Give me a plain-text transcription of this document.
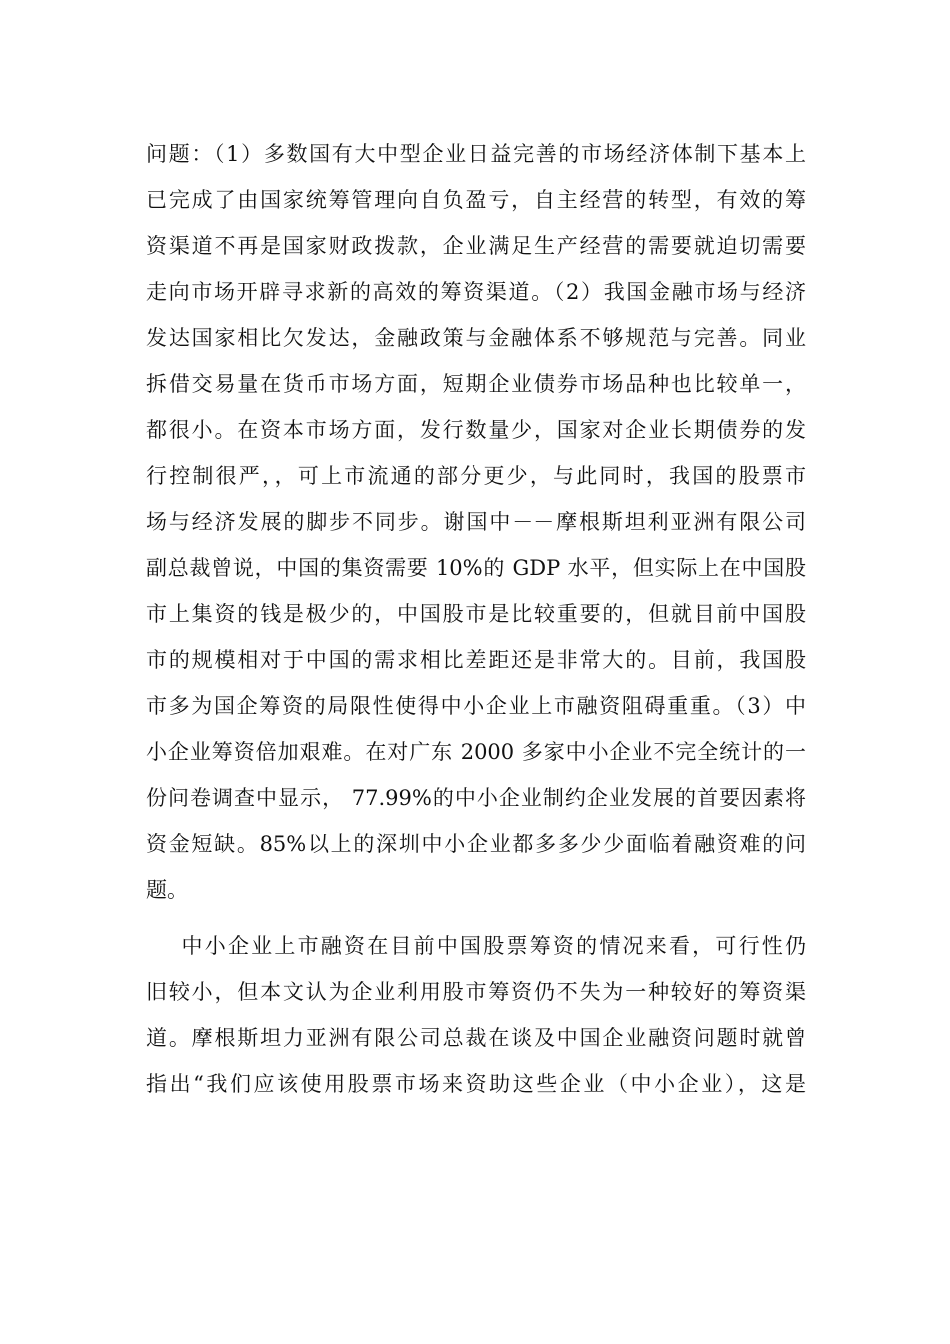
问题：（1）多数国有大中型企业日益完善的市场经济体制下基本上
已完成了由国家统筹管理向自负盈亏，自主经营的转型，有效的筹
资渠道不再是国家财政拨款，企业满足生产经营的需要就迫切需要
走向市场开辟寻求新的高效的筹资渠道。（2）我国金融市场与经济
发达国家相比欠发达，金融政策与金融体系不够规范与完善。同业
拆借交易量在货币市场方面，短期企业债券市场品种也比较单一，
都很小。在资本市场方面，发行数量少，国家对企业长期债券的发
行控制很严，，可上市流通的部分更少，与此同时，我国的股票市
场与经济发展的脚步不同步。谢国中－－摩根斯坦利亚洲有限公司
副总裁曾说，中国的集资需要 10%的 GDP 水平，但实际上在中国股
市上集资的钱是极少的，中国股市是比较重要的，但就目前中国股
市的规模相对于中国的需求相比差距还是非常大的。目前，我国股
市多为国企筹资的局限性使得中小企业上市融资阻碍重重。（3）中
小企业筹资倍加艰难。在对广东 2000 多家中小企业不完全统计的一
份问卷调查中显示， 77.99%的中小企业制约企业发展的首要因素将
资金短缺。85%以上的深圳中小企业都多多少少面临着融资难的问
题。
中小企业上市融资在目前中国股票筹资的情况来看，可行性仍
旧较小，但本文认为企业利用股市筹资仍不失为一种较好的筹资渠
道。摩根斯坦力亚洲有限公司总裁在谈及中国企业融资问题时就曾
指出“我们应该使用股票市场来资助这些企业（中小企业），这是
